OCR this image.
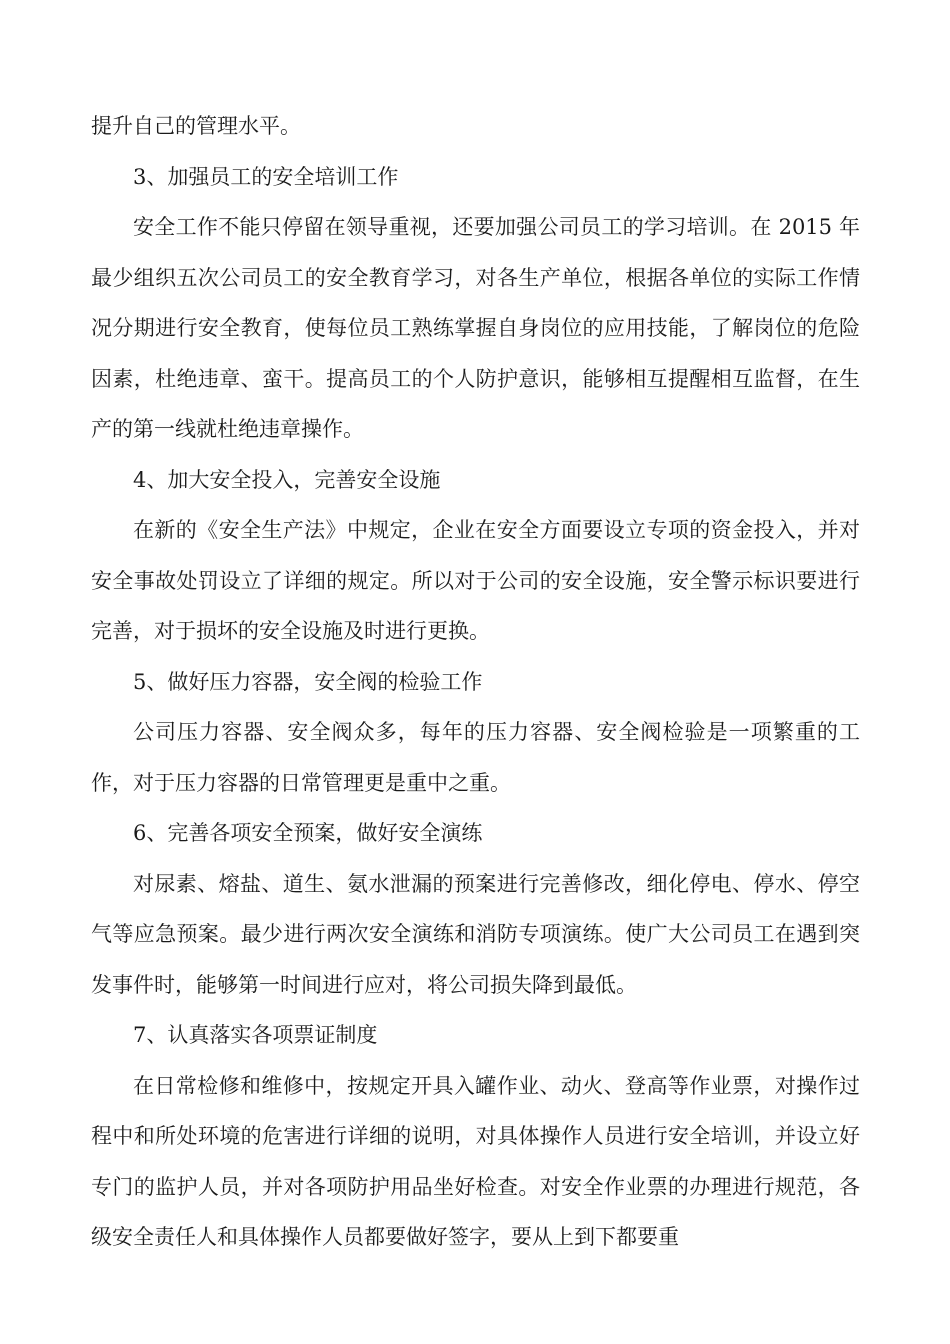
提升自己的管理水平。

3、加强员工的安全培训工作

安全工作不能只停留在领导重视，还要加强公司员工的学习培训。在 2015 年最少组织五次公司员工的安全教育学习，对各生产单位，根据各单位的实际工作情况分期进行安全教育，使每位员工熟练掌握自身岗位的应用技能，了解岗位的危险因素，杜绝违章、蛮干。提高员工的个人防护意识，能够相互提醒相互监督，在生产的第一线就杜绝违章操作。

4、加大安全投入，完善安全设施

在新的《安全生产法》中规定，企业在安全方面要设立专项的资金投入，并对安全事故处罚设立了详细的规定。所以对于公司的安全设施，安全警示标识要进行完善，对于损坏的安全设施及时进行更换。

5、做好压力容器，安全阀的检验工作

公司压力容器、安全阀众多，每年的压力容器、安全阀检验是一项繁重的工作，对于压力容器的日常管理更是重中之重。

6、完善各项安全预案，做好安全演练

对尿素、熔盐、道生、氨水泄漏的预案进行完善修改，细化停电、停水、停空气等应急预案。最少进行两次安全演练和消防专项演练。使广大公司员工在遇到突发事件时，能够第一时间进行应对，将公司损失降到最低。

7、认真落实各项票证制度

在日常检修和维修中，按规定开具入罐作业、动火、登高等作业票，对操作过程中和所处环境的危害进行详细的说明，对具体操作人员进行安全培训，并设立好专门的监护人员，并对各项防护用品坐好检查。对安全作业票的办理进行规范，各级安全责任人和具体操作人员都要做好签字，要从上到下都要重
